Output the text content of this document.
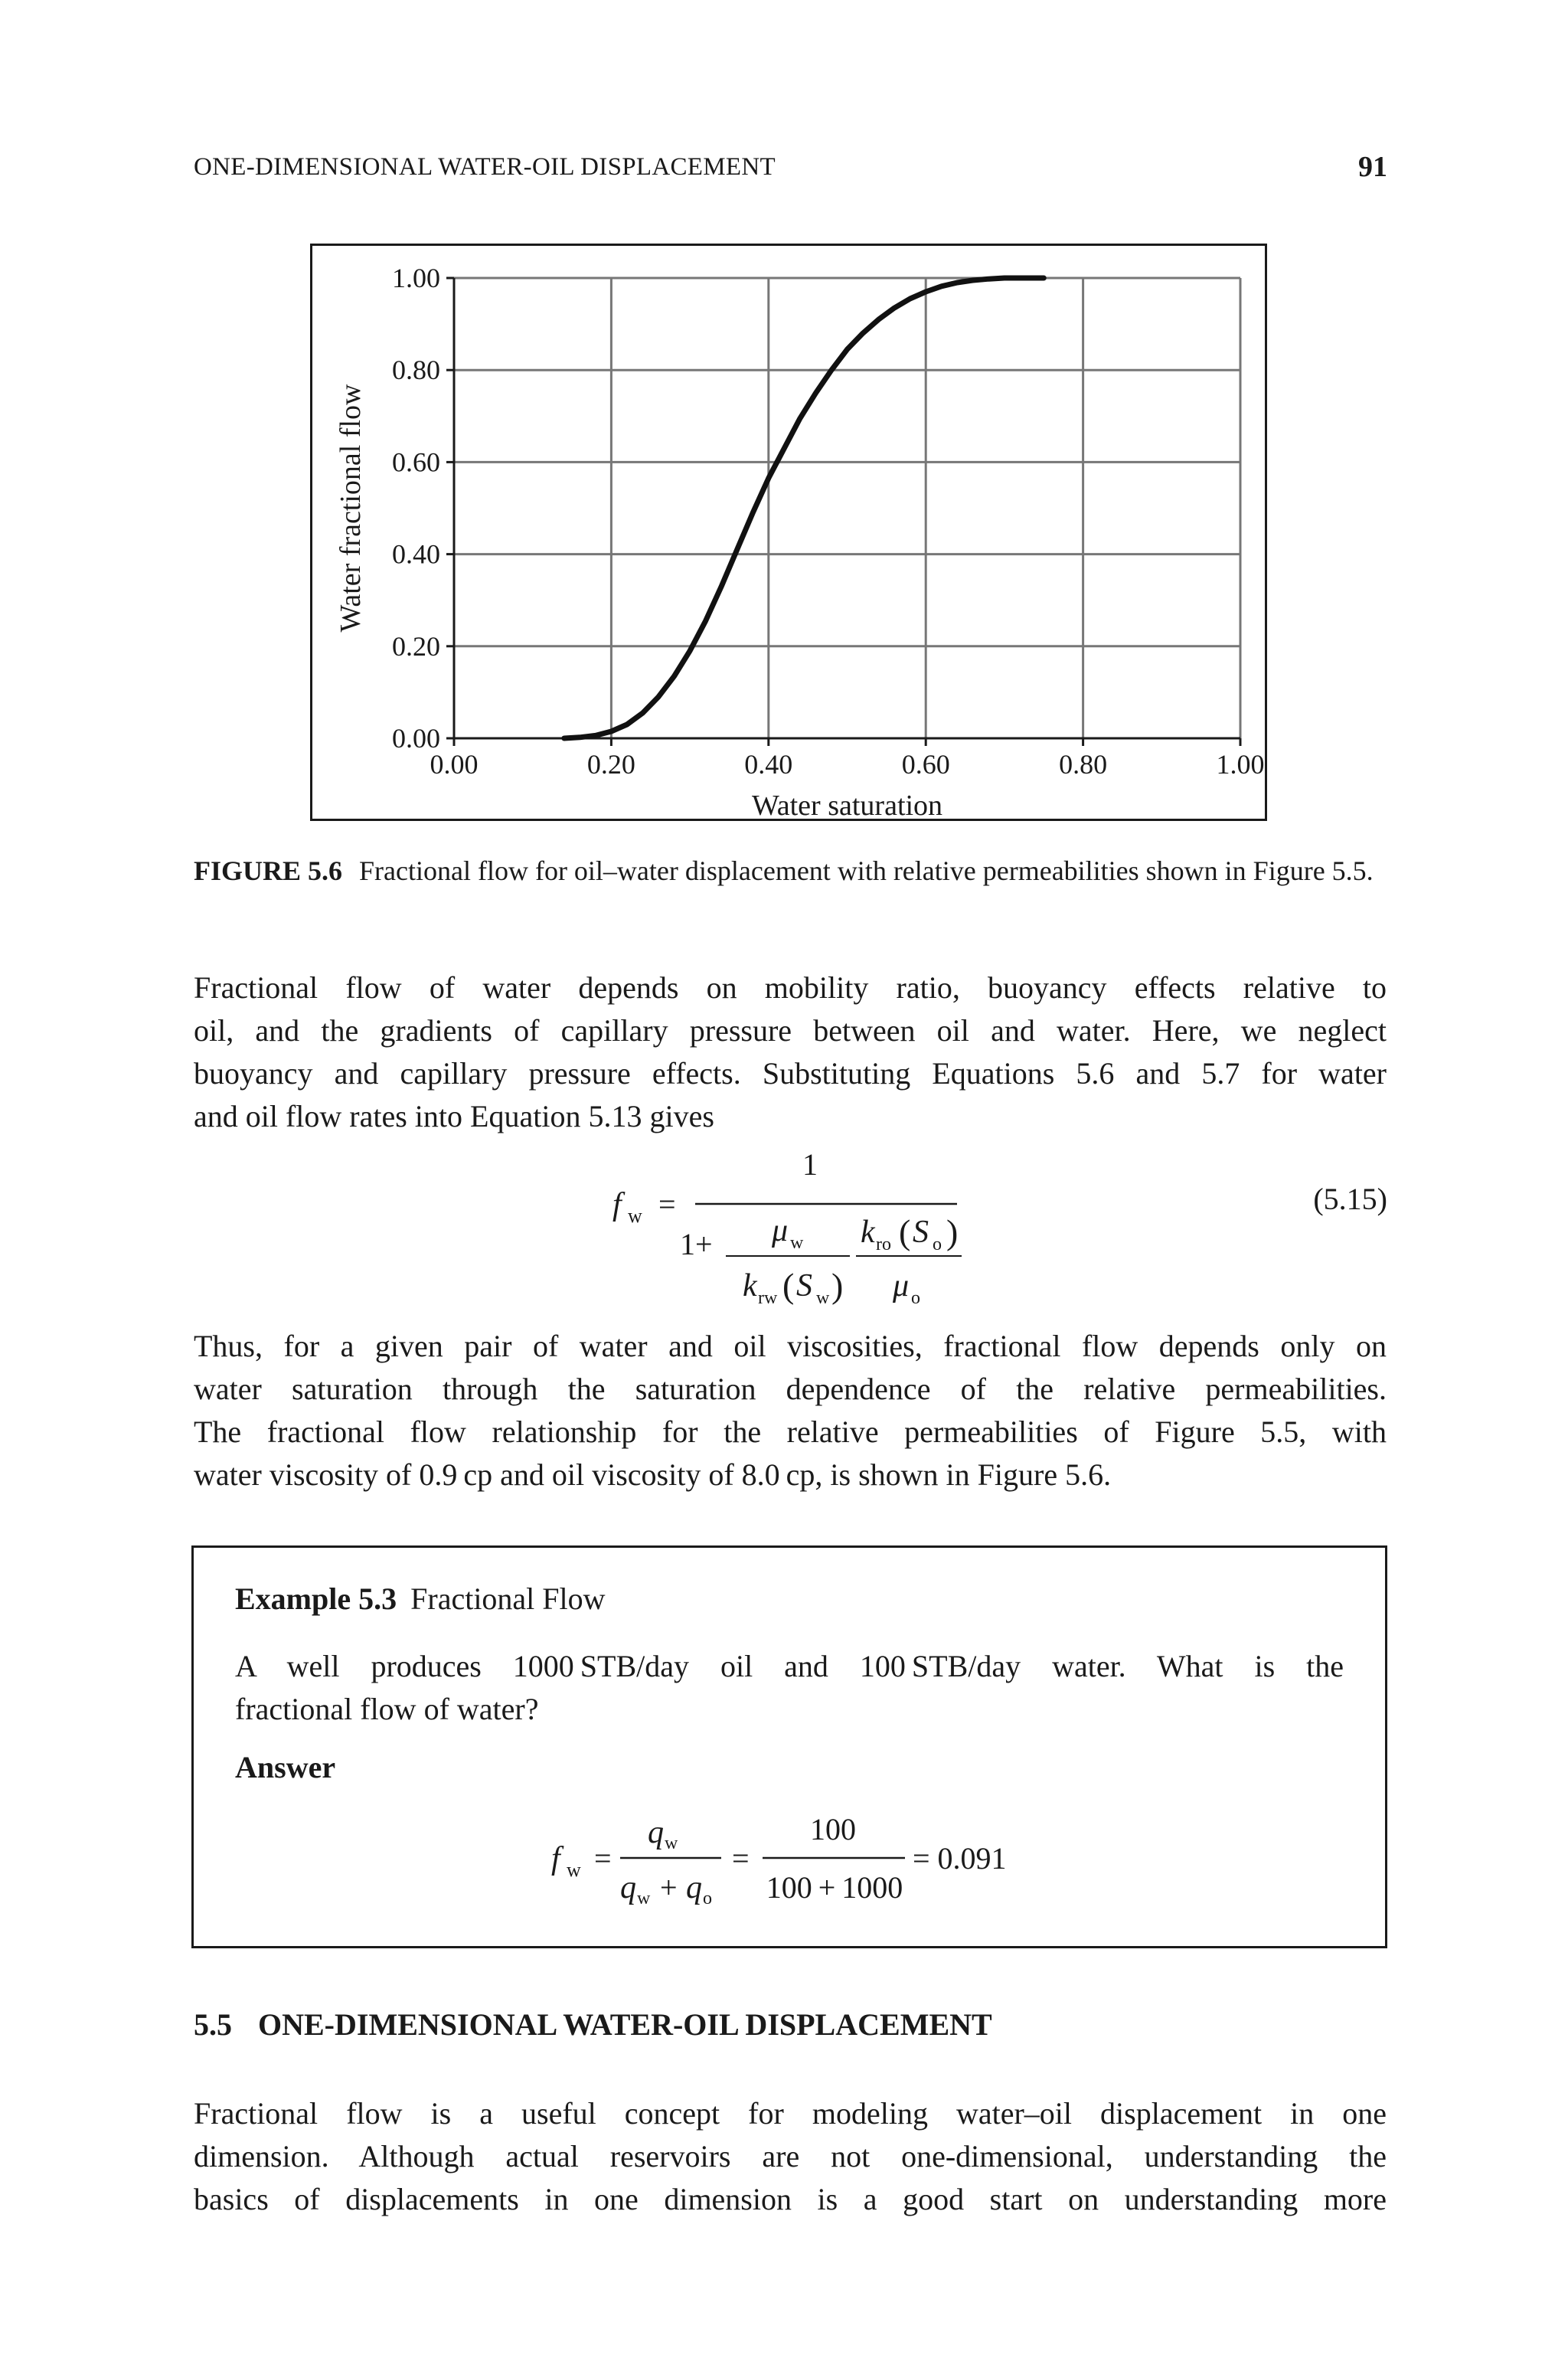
ONE-DIMENSIONAL WATER-OIL DISPLACEMENT	91
0.00	0.20	0.40	0.60	0.80	1.00
0.00
0.20
0.40
0.60
0.80
1.00
Water saturation
Water fractional flow
FIGURE 5.6 Fractional flow for oil–water displacement with relative permeabilities shown in Figure 5.5.
Fractional flow of water depends on mobility ratio, buoyancy effects relative to
oil, and the gradients of capillary pressure between oil and water. Here, we neglect
buoyancy and capillary pressure effects. Substituting Equations 5.6 and 5.7 for water
and oil flow rates into Equation 5.13 gives
f w =
1
1+ μ w
k rw ( S w )
k ro ( S o )
μ o
(5.15)
Thus, for a given pair of water and oil viscosities, fractional flow depends only on
water saturation through the saturation dependence of the relative permeabilities.
The fractional flow relationship for the relative permeabilities of Figure 5.5, with
water viscosity of 0.9 cp and oil viscosity of 8.0 cp, is shown in Figure 5.6.
Example 5.3 Fractional Flow
A well produces 1000 STB/day oil and 100 STB/day water. What is the
fractional flow of water?
Answer
f w =
q w
q w + q o
=
100
100 + 1000
= 0.091
5.5 ONE-DIMENSIONAL WATER-OIL DISPLACEMENT
Fractional flow is a useful concept for modeling water–oil displacement in one
dimension. Although actual reservoirs are not one-dimensional, understanding the
basics of displacements in one dimension is a good start on understanding more
